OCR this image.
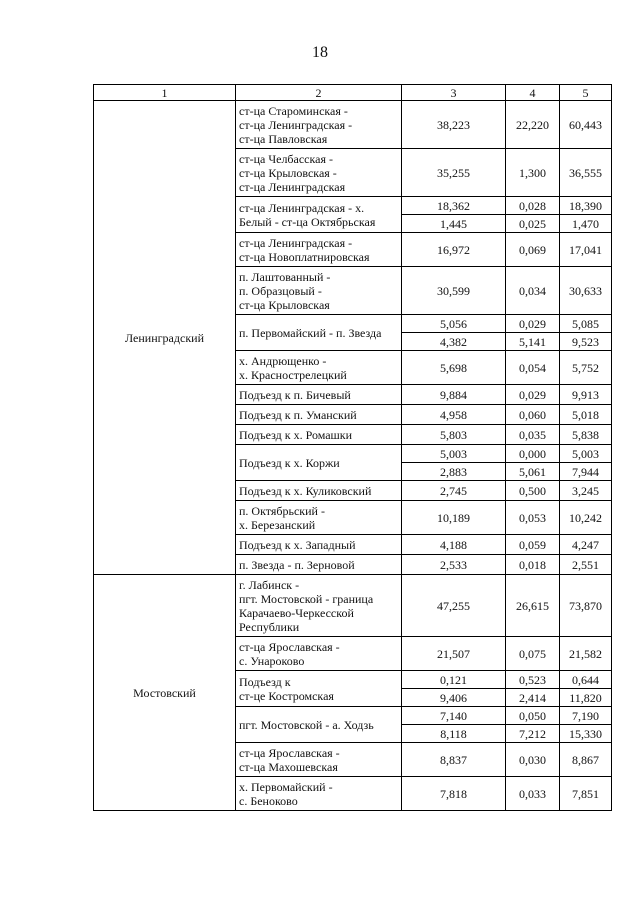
18
1	2	3	4	5
Ленинградский	ст-ца Староминская -
ст-ца Ленинградская -
ст-ца Павловская	38,223	22,220	60,443
	ст-ца Челбасская -
ст-ца Крыловская -
ст-ца Ленинградская	35,255	1,300	36,555
	ст-ца Ленинградская - х.
Белый - ст-ца Октябрьская	18,362	0,028	18,390
		1,445	0,025	1,470
	ст-ца Ленинградская -
ст-ца Новоплатнировская	16,972	0,069	17,041
	п. Лаштованный -
п. Образцовый -
ст-ца Крыловская	30,599	0,034	30,633
	п. Первомайский - п. Звезда	5,056	0,029	5,085
		4,382	5,141	9,523
	х. Андрющенко -
х. Краснострелецкий	5,698	0,054	5,752
	Подъезд к п. Бичевый	9,884	0,029	9,913
	Подъезд к п. Уманский	4,958	0,060	5,018
	Подъезд к х. Ромашки	5,803	0,035	5,838
	Подъезд к х. Коржи	5,003	0,000	5,003
		2,883	5,061	7,944
	Подъезд к х. Куликовский	2,745	0,500	3,245
	п. Октябрьский -
х. Березанский	10,189	0,053	10,242
	Подъезд к х. Западный	4,188	0,059	4,247
	п. Звезда - п. Зерновой	2,533	0,018	2,551
Мостовский	г. Лабинск -
пгт. Мостовской - граница
Карачаево-Черкесской
Республики	47,255	26,615	73,870
	ст-ца Ярославская -
с. Унароково	21,507	0,075	21,582
	Подъезд к
ст-це Костромская	0,121	0,523	0,644
		9,406	2,414	11,820
	пгт. Мостовской - а. Ходзь	7,140	0,050	7,190
		8,118	7,212	15,330
	ст-ца Ярославская -
ст-ца Махошевская	8,837	0,030	8,867
	х. Первомайский -
с. Беноково	7,818	0,033	7,851
